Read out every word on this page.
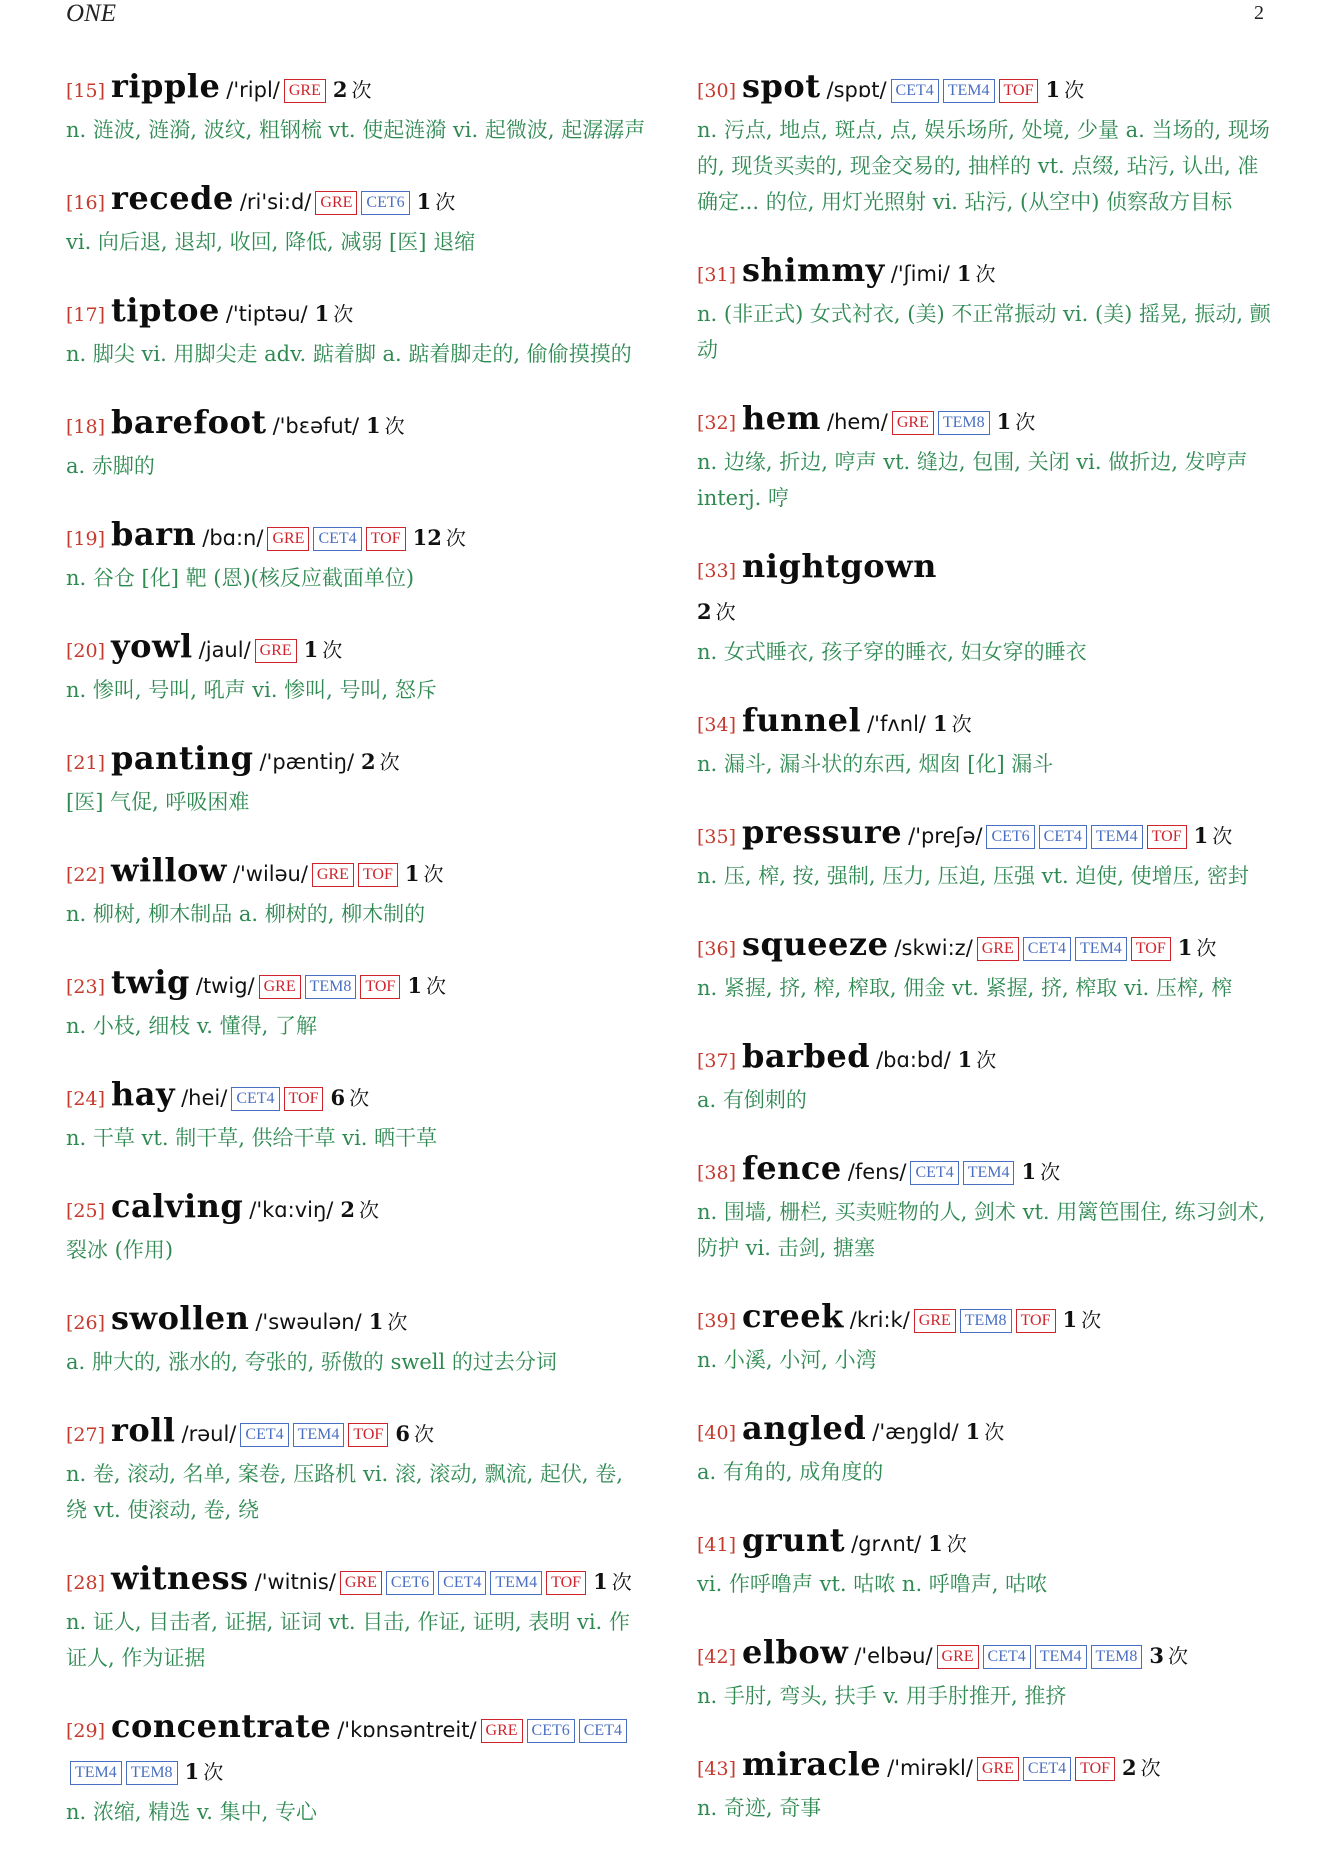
ONE	2
[15] ripple /'ripl/ GRE 2 次
n. 涟波, 涟漪, 波纹, 粗钢梳 vt. 使起涟漪 vi. 起微波, 起潺潺声
[16] recede /ri'si:d/ GRE CET6 1 次
vi. 向后退, 退却, 收回, 降低, 减弱 [医] 退缩
[17] tiptoe /'tiptəu/ 1 次
n. 脚尖 vi. 用脚尖走 adv. 踮着脚 a. 踮着脚走的, 偷偷摸摸的
[18] barefoot /'bɛəfut/ 1 次
a. 赤脚的
[19] barn /bɑ:n/ GRE CET4 TOF 12 次
n. 谷仓 [化] 靶 (恩)(核反应截面单位)
[20] yowl /jaul/ GRE 1 次
n. 惨叫, 号叫, 吼声 vi. 惨叫, 号叫, 怒斥
[21] panting /'pæntiŋ/ 2 次
[医] 气促, 呼吸困难
[22] willow /'wiləu/ GRE TOF 1 次
n. 柳树, 柳木制品 a. 柳树的, 柳木制的
[23] twig /twig/ GRE TEM8 TOF 1 次
n. 小枝, 细枝 v. 懂得, 了解
[24] hay /hei/ CET4 TOF 6 次
n. 干草 vt. 制干草, 供给干草 vi. 晒干草
[25] calving /'kɑ:viŋ/ 2 次
裂冰 (作用)
[26] swollen /'swəulən/ 1 次
a. 肿大的, 涨水的, 夸张的, 骄傲的 swell 的过去分词
[27] roll /rəul/ CET4 TEM4 TOF 6 次
n. 卷, 滚动, 名单, 案卷, 压路机 vi. 滚, 滚动, 飘流, 起伏, 卷, 绕 vt. 使滚动, 卷, 绕
[28] witness /'witnis/ GRE CET6 CET4 TEM4 TOF 1 次
n. 证人, 目击者, 证据, 证词 vt. 目击, 作证, 证明, 表明 vi. 作证人, 作为证据
[29] concentrate /'kɒnsəntreit/ GRE CET6 CET4TEM4 TEM8 1 次
n. 浓缩, 精选 v. 集中, 专心
[30] spot /spɒt/ CET4 TEM4 TOF 1 次
n. 污点, 地点, 斑点, 点, 娱乐场所, 处境, 少量 a. 当场的, 现场的, 现货买卖的, 现金交易的, 抽样的 vt. 点缀, 玷污, 认出, 准确定... 的位, 用灯光照射 vi. 玷污, (从空中) 侦察敌方目标
[31] shimmy /'ʃimi/ 1 次
n. (非正式) 女式衬衣, (美) 不正常振动 vi. (美) 摇晃, 振动, 颤动
[32] hem /hem/ GRE TEM8 1 次
n. 边缘, 折边, 哼声 vt. 缝边, 包围, 关闭 vi. 做折边, 发哼声 interj. 哼
[33] nightgown
2 次
n. 女式睡衣, 孩子穿的睡衣, 妇女穿的睡衣
[34] funnel /'fʌnl/ 1 次
n. 漏斗, 漏斗状的东西, 烟囱 [化] 漏斗
[35] pressure /'preʃə/ CET6 CET4 TEM4 TOF 1 次
n. 压, 榨, 按, 强制, 压力, 压迫, 压强 vt. 迫使, 使增压, 密封
[36] squeeze /skwi:z/ GRE CET4 TEM4 TOF 1 次
n. 紧握, 挤, 榨, 榨取, 佣金 vt. 紧握, 挤, 榨取 vi. 压榨, 榨
[37] barbed /bɑ:bd/ 1 次
a. 有倒刺的
[38] fence /fens/ CET4 TEM4 1 次
n. 围墙, 栅栏, 买卖赃物的人, 剑术 vt. 用篱笆围住, 练习剑术, 防护 vi. 击剑, 搪塞
[39] creek /kri:k/ GRE TEM8 TOF 1 次
n. 小溪, 小河, 小湾
[40] angled /'æŋgld/ 1 次
a. 有角的, 成角度的
[41] grunt /grʌnt/ 1 次
vi. 作呼噜声 vt. 咕哝 n. 呼噜声, 咕哝
[42] elbow /'elbəu/ GRE CET4 TEM4 TEM8 3 次
n. 手肘, 弯头, 扶手 v. 用手肘推开, 推挤
[43] miracle /'mirəkl/ GRE CET4 TOF 2 次
n. 奇迹, 奇事
